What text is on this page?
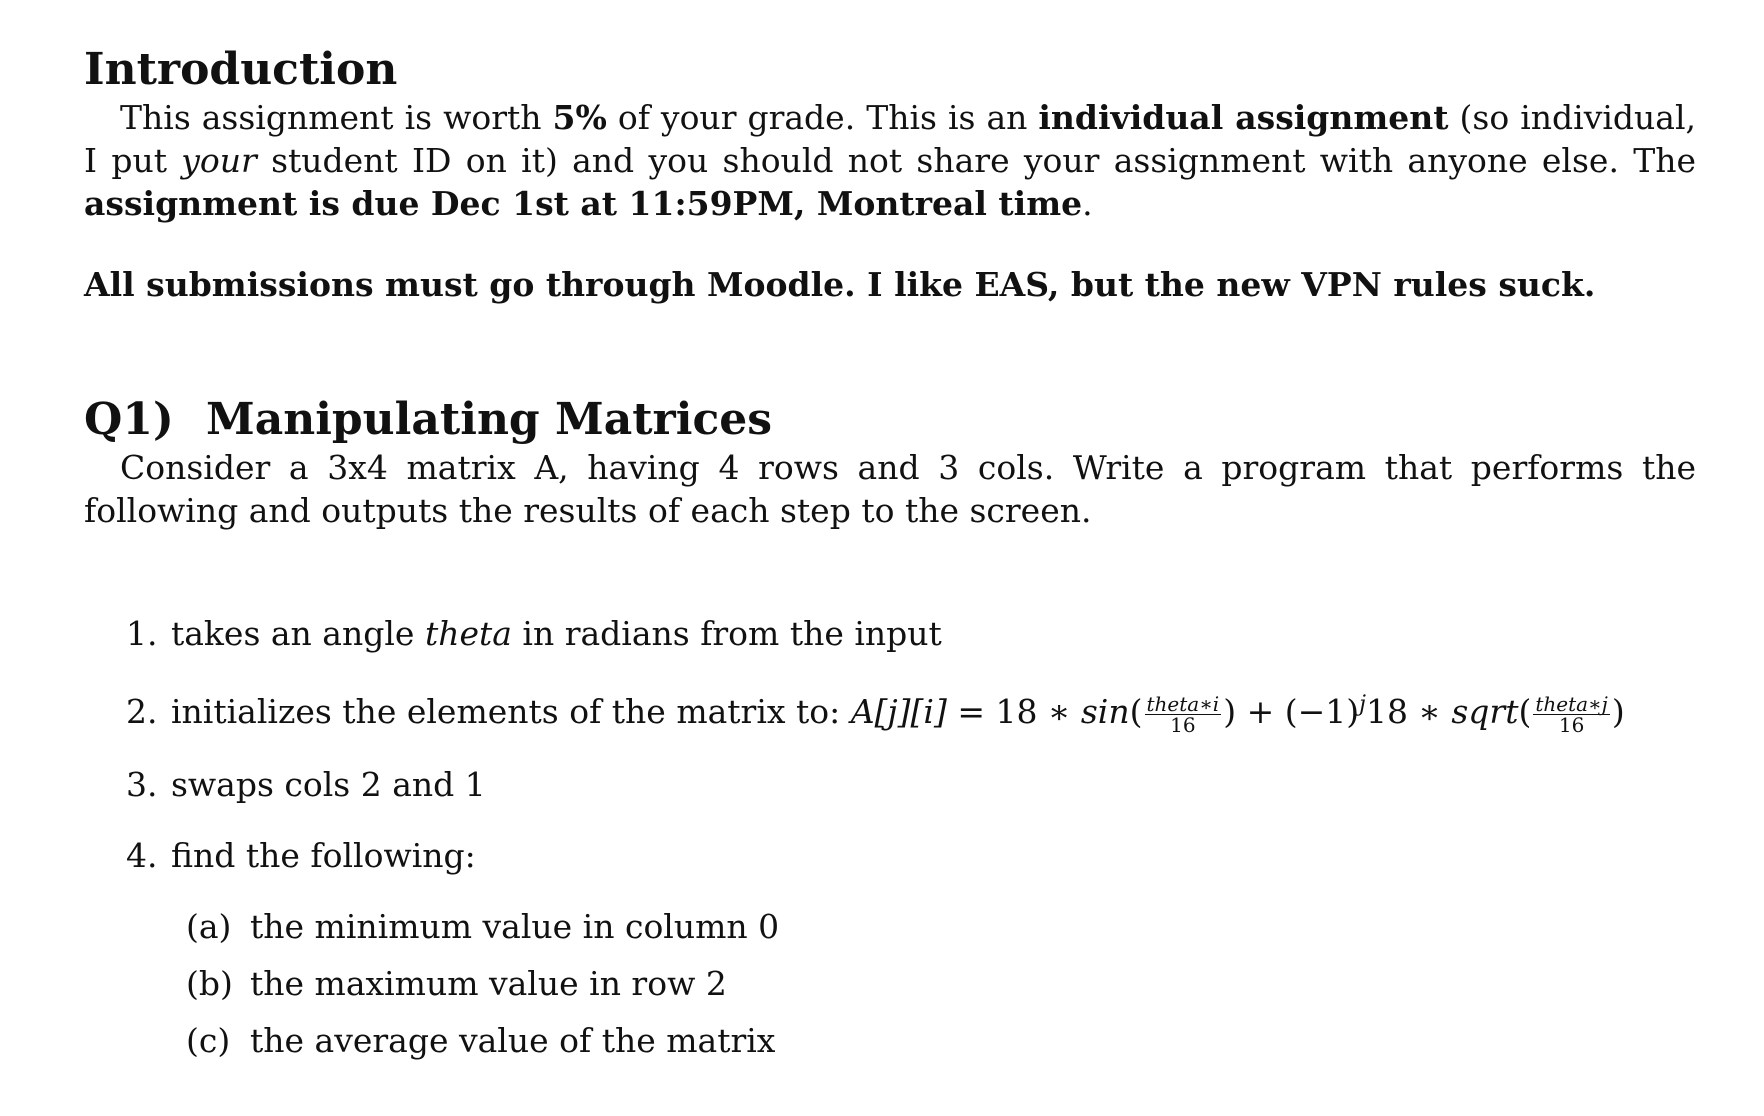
Introduction

This assignment is worth 5% of your grade. This is an individual assignment (so individual, I put your student ID on it) and you should not share your assignment with anyone else. The assignment is due Dec 1st at 11:59PM, Montreal time.

All submissions must go through Moodle. I like EAS, but the new VPN rules suck.
Q1) Manipulating Matrices

Consider a 3x4 matrix A, having 4 rows and 3 cols. Write a program that performs the following and outputs the results of each step to the screen.

1. takes an angle theta in radians from the input
2. initializes the elements of the matrix to: A[j][i] = 18 ∗ $\sin( \frac{\text{theta∗i}}{16}$ ) + $(-1)^j18$ ∗ sqrt( $\frac{\text{theta∗j}}{16}$ )
3. swaps cols 2 and 1
4. find the following:
(a) the minimum value in column 0
(b) the maximum value in row 2
(c) the average value of the matrix
